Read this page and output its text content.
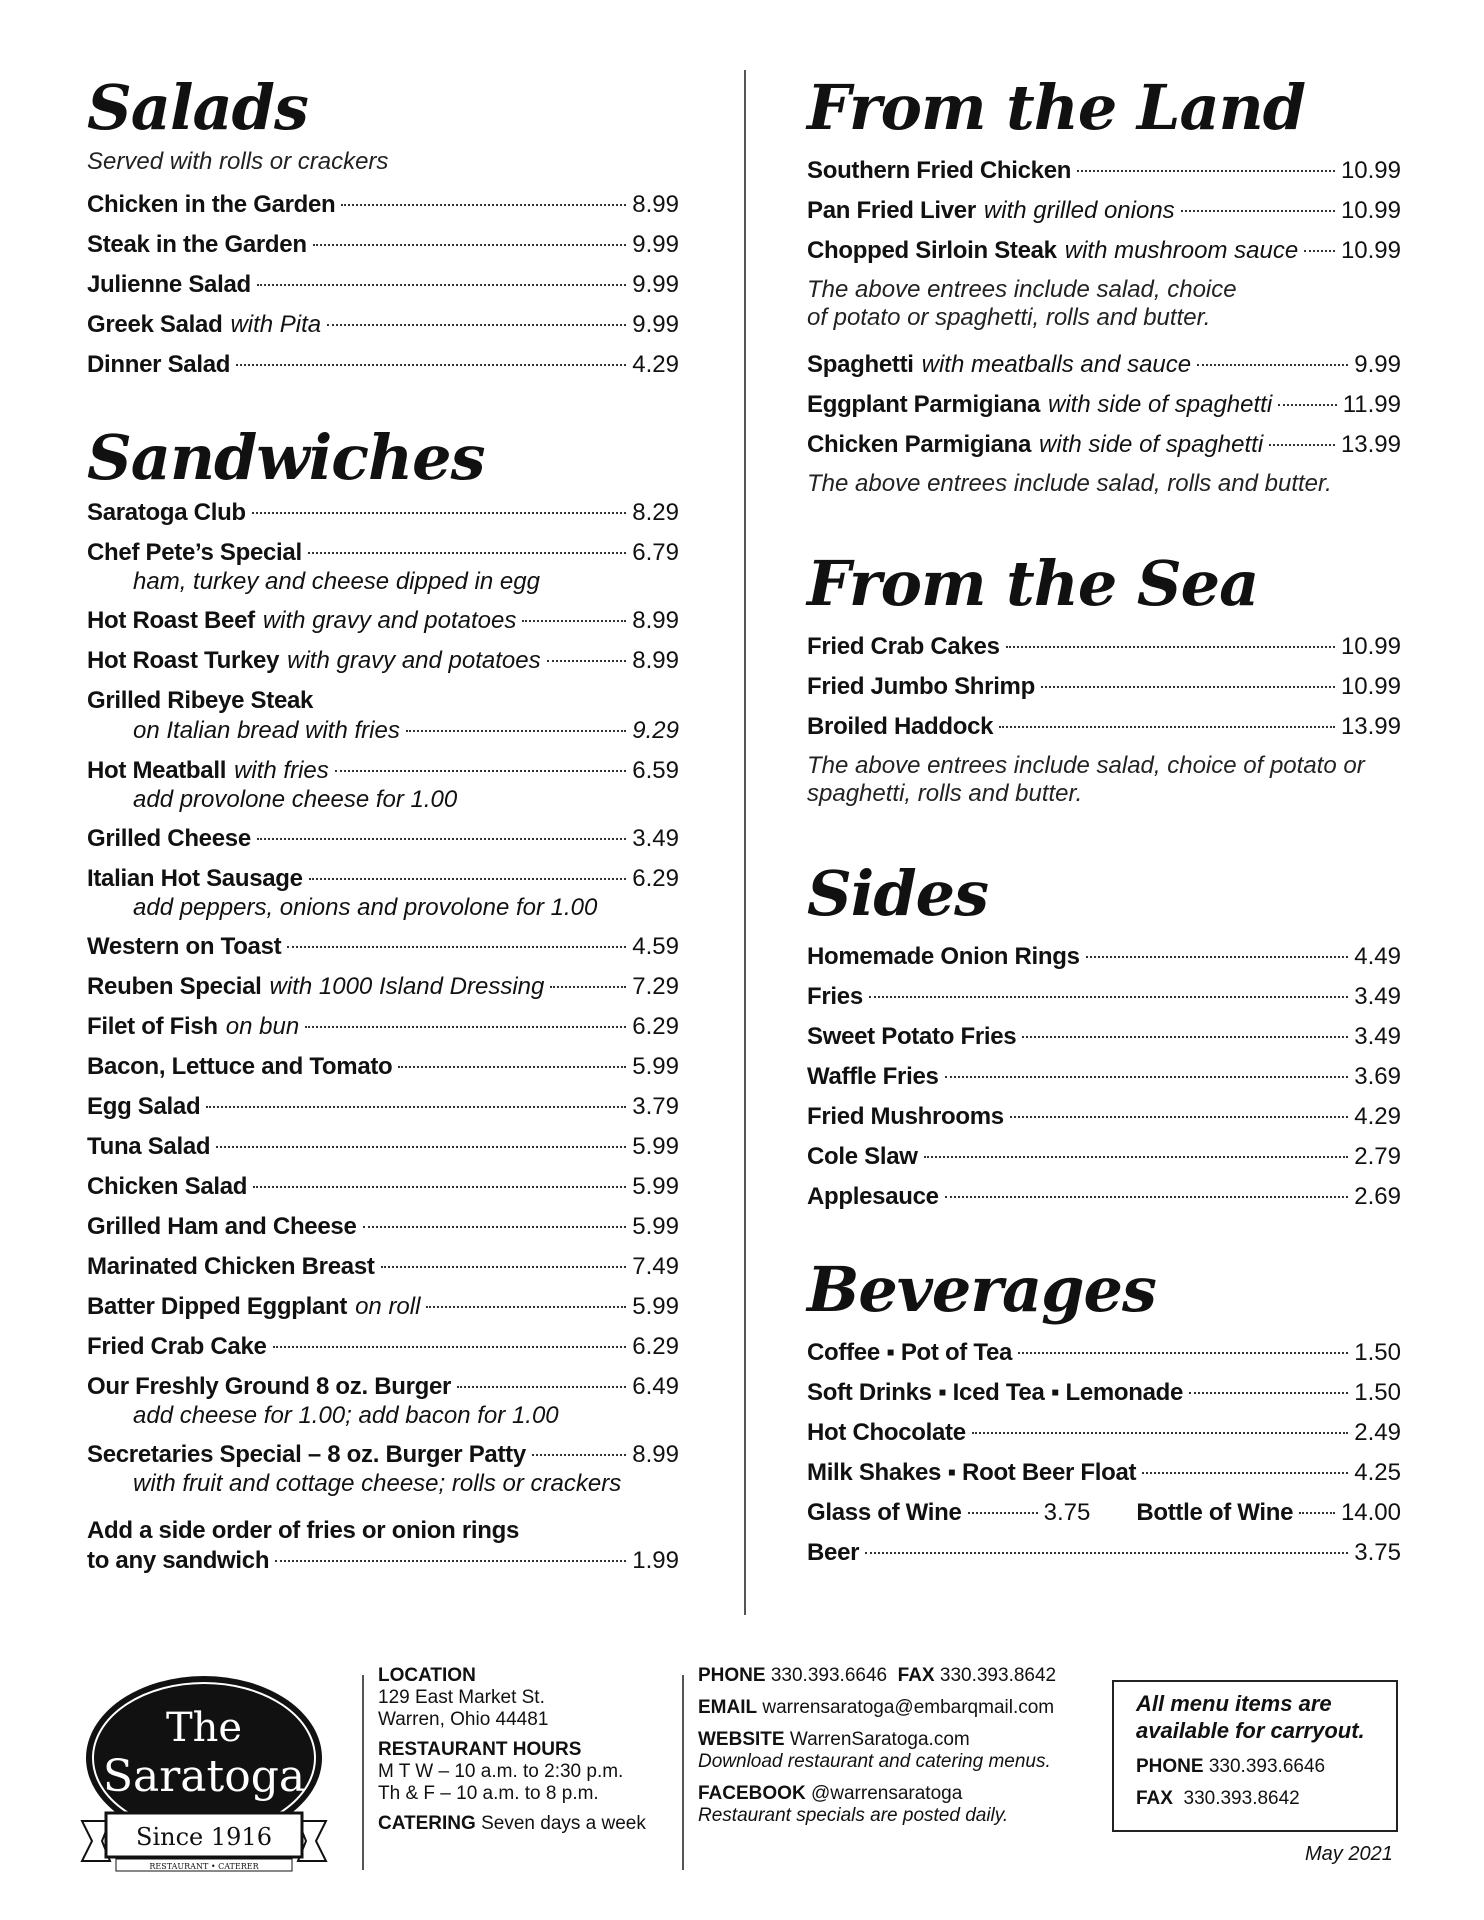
Salads
Served with rolls or crackers
Chicken in the Garden	8.99
Steak in the Garden	9.99
Julienne Salad	9.99
Greek Salad with Pita	9.99
Dinner Salad	4.29
Sandwiches
Saratoga Club	8.29
Chef Pete’s Special	6.79
ham, turkey and cheese dipped in egg
Hot Roast Beef with gravy and potatoes	8.99
Hot Roast Turkey with gravy and potatoes	8.99
Grilled Ribeye Steak
on Italian bread with fries	9.29
Hot Meatball with fries	6.59
add provolone cheese for 1.00
Grilled Cheese	3.49
Italian Hot Sausage	6.29
add peppers, onions and provolone for 1.00
Western on Toast	4.59
Reuben Special with 1000 Island Dressing	7.29
Filet of Fish on bun	6.29
Bacon, Lettuce and Tomato	5.99
Egg Salad	3.79
Tuna Salad	5.99
Chicken Salad	5.99
Grilled Ham and Cheese	5.99
Marinated Chicken Breast	7.49
Batter Dipped Eggplant on roll	5.99
Fried Crab Cake	6.29
Our Freshly Ground 8 oz. Burger	6.49
add cheese for 1.00; add bacon for 1.00
Secretaries Special – 8 oz. Burger Patty	8.99
with fruit and cottage cheese; rolls or crackers
Add a side order of fries or onion rings
to any sandwich	1.99
From the Land
Southern Fried Chicken	10.99
Pan Fried Liver with grilled onions	10.99
Chopped Sirloin Steak with mushroom sauce 10.99
The above entrees include salad, choice of potato or spaghetti, rolls and butter.
Spaghetti with meatballs and sauce	9.99
Eggplant Parmigiana with side of spaghetti	11.99
Chicken Parmigiana with side of spaghetti	13.99
The above entrees include salad, rolls and butter.
From the Sea
Fried Crab Cakes	10.99
Fried Jumbo Shrimp	10.99
Broiled Haddock	13.99
The above entrees include salad, choice of potato or spaghetti, rolls and butter.
Sides
Homemade Onion Rings	4.49
Fries	3.49
Sweet Potato Fries	3.49
Waffle Fries	3.69
Fried Mushrooms	4.29
Cole Slaw	2.79
Applesauce	2.69
Beverages
Coffee ▪ Pot of Tea	1.50
Soft Drinks ▪ Iced Tea ▪ Lemonade	1.50
Hot Chocolate	2.49
Milk Shakes ▪ Root Beer Float	4.25
Glass of Wine	3.75 Bottle of Wine 14.00
Beer	3.75
The
Saratoga
Since 1916
RESTAURANT • CATERER
LOCATION
129 East Market St.
Warren, Ohio 44481
RESTAURANT HOURS
M T W – 10 a.m. to 2:30 p.m.
Th & F – 10 a.m. to 8 p.m.
CATERING Seven days a week
PHONE 330.393.6646 FAX 330.393.8642
EMAIL warrensaratoga@embarqmail.com
WEBSITE WarrenSaratoga.com
Download restaurant and catering menus.
FACEBOOK @warrensaratoga
Restaurant specials are posted daily.
All menu items are available for carryout.
PHONE 330.393.6646
FAX 330.393.8642
May 2021
